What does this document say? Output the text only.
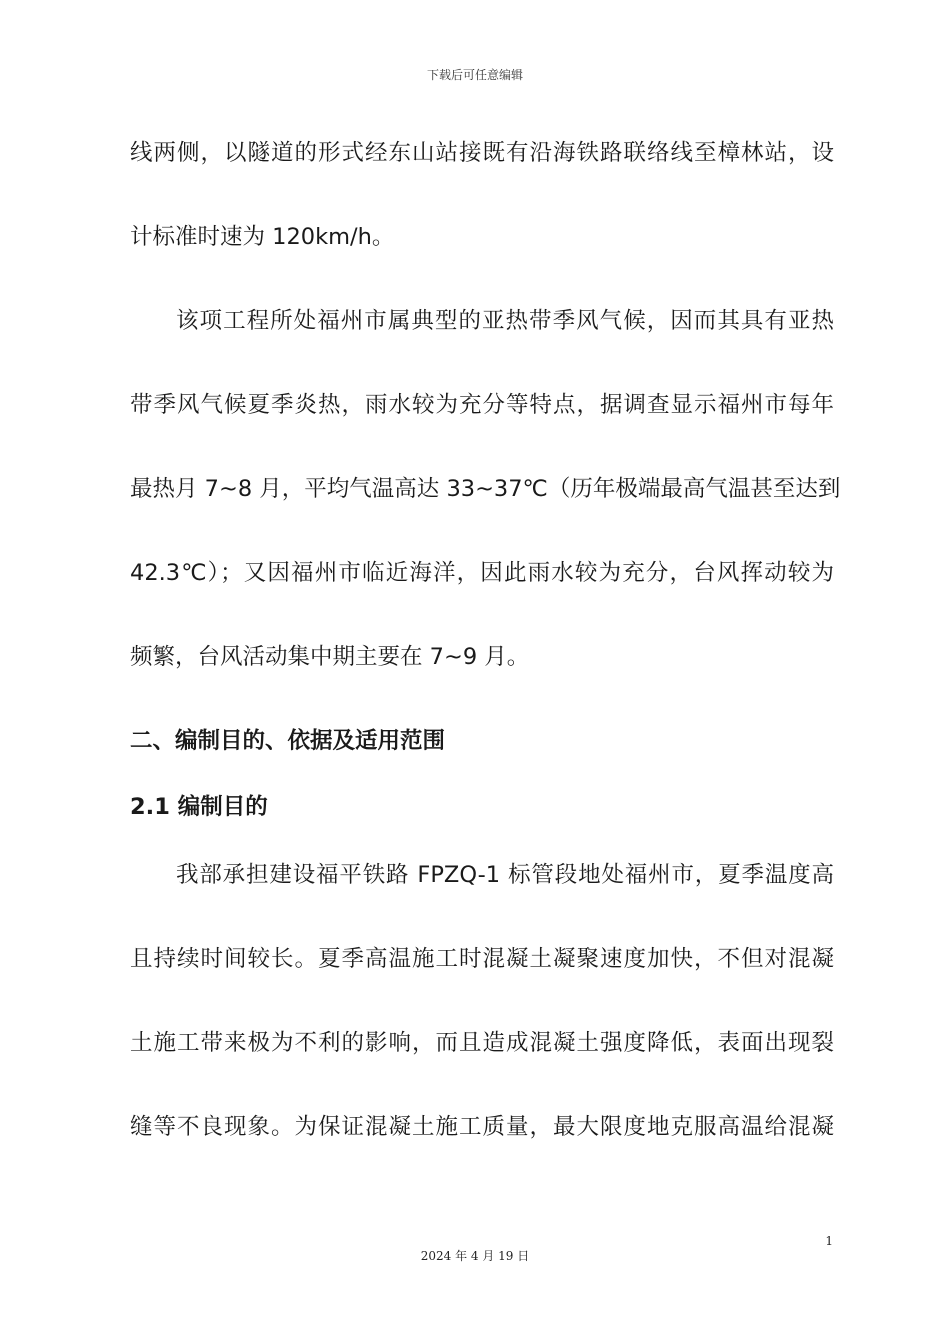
下载后可任意编辑
线两侧，以隧道的形式经东山站接既有沿海铁路联络线至樟林站，设
计标准时速为 120km/h。
该项工程所处福州市属典型的亚热带季风气候，因而其具有亚热
带季风气候夏季炎热，雨水较为充分等特点，据调查显示福州市每年
最热月 7~8 月，平均气温高达 33~37℃（历年极端最高气温甚至达到
42.3℃）；又因福州市临近海洋，因此雨水较为充分，台风挥动较为
频繁，台风活动集中期主要在 7~9 月。
二、编制目的、依据及适用范围
2.1 编制目的
我部承担建设福平铁路 FPZQ-1 标管段地处福州市，夏季温度高
且持续时间较长。夏季高温施工时混凝土凝聚速度加快，不但对混凝
土施工带来极为不利的影响，而且造成混凝土强度降低，表面出现裂
缝等不良现象。为保证混凝土施工质量，最大限度地克服高温给混凝
1
2024 年 4 月 19 日
